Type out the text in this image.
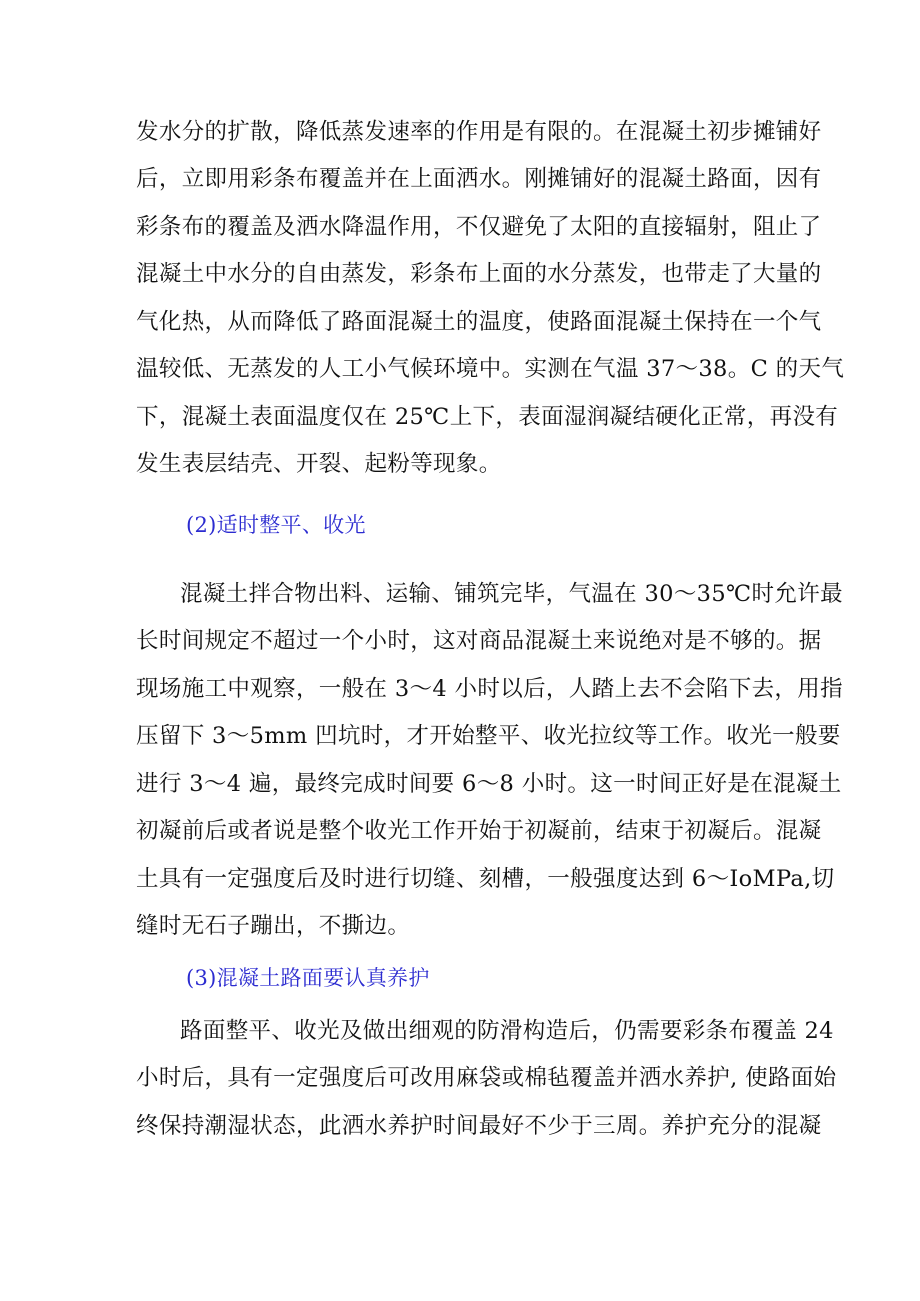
发水分的扩散，降低蒸发速率的作用是有限的。在混凝土初步摊铺好
后，立即用彩条布覆盖并在上面洒水。刚摊铺好的混凝土路面，因有
彩条布的覆盖及洒水降温作用，不仅避免了太阳的直接辐射，阻止了
混凝土中水分的自由蒸发，彩条布上面的水分蒸发，也带走了大量的
气化热，从而降低了路面混凝土的温度，使路面混凝土保持在一个气
温较低、无蒸发的人工小气候环境中。实测在气温 37～38。C 的天气
下，混凝土表面温度仅在 25℃上下，表面湿润凝结硬化正常，再没有
发生表层结壳、开裂、起粉等现象。
(2)适时整平、收光
混凝土拌合物出料、运输、铺筑完毕，气温在 30～35℃时允许最
长时间规定不超过一个小时，这对商品混凝土来说绝对是不够的。据
现场施工中观察，一般在 3～4 小时以后，人踏上去不会陷下去，用指
压留下 3～5mm 凹坑时，才开始整平、收光拉纹等工作。收光一般要
进行 3～4 遍，最终完成时间要 6～8 小时。这一时间正好是在混凝土
初凝前后或者说是整个收光工作开始于初凝前，结束于初凝后。混凝
土具有一定强度后及时进行切缝、刻槽，一般强度达到 6～IoMPa,切
缝时无石子蹦出，不撕边。
(3)混凝土路面要认真养护
路面整平、收光及做出细观的防滑构造后，仍需要彩条布覆盖 24
小时后，具有一定强度后可改用麻袋或棉毡覆盖并洒水养护, 使路面始
终保持潮湿状态，此洒水养护时间最好不少于三周。养护充分的混凝
